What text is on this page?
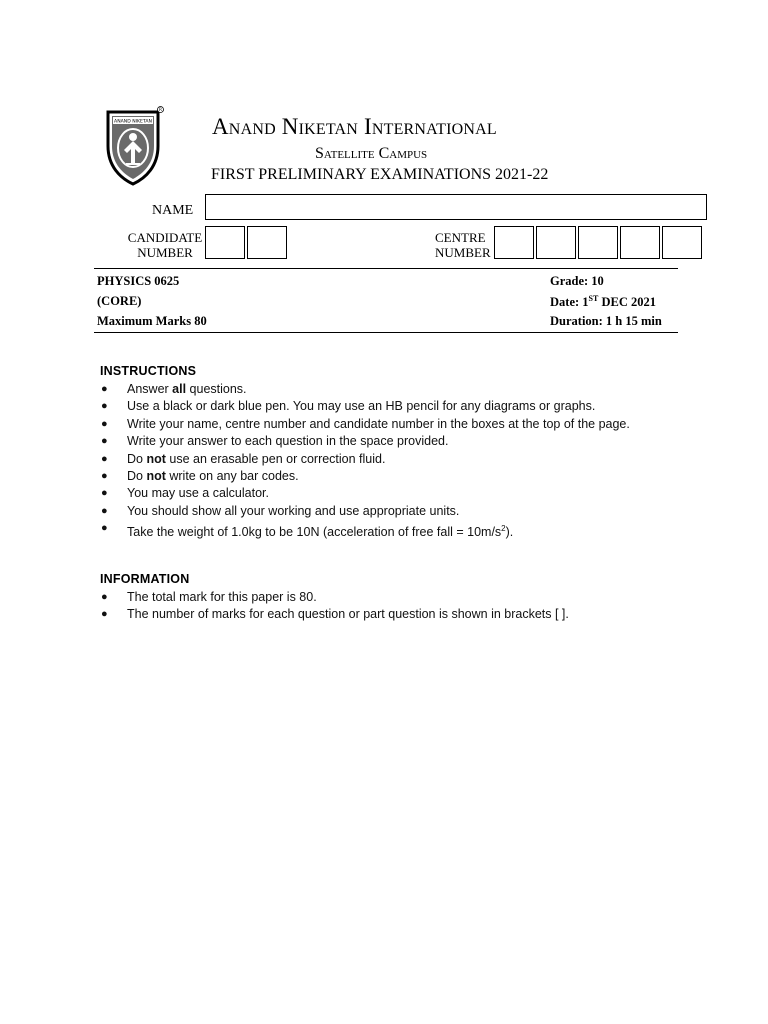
ANAND NIKETAN
R
Anand Niketan International
Satellite Campus
FIRST PRELIMINARY EXAMINATIONS 2021-22
NAME
CANDIDATE
NUMBER
CENTRE
NUMBER
PHYSICS 0625
(CORE)
Maximum Marks 80
Grade: 10
Date: 1ST DEC 2021
Duration: 1 h 15 min
INSTRUCTIONS
● Answer all questions.
● Use a black or dark blue pen. You may use an HB pencil for any diagrams or graphs.
● Write your name, centre number and candidate number in the boxes at the top of the page.
● Write your answer to each question in the space provided.
● Do not use an erasable pen or correction fluid.
● Do not write on any bar codes.
● You may use a calculator.
● You should show all your working and use appropriate units.
● Take the weight of 1.0kg to be 10N (acceleration of free fall = $10m/s^2$).
INFORMATION
● The total mark for this paper is 80.
● The number of marks for each question or part question is shown in brackets [ ].
